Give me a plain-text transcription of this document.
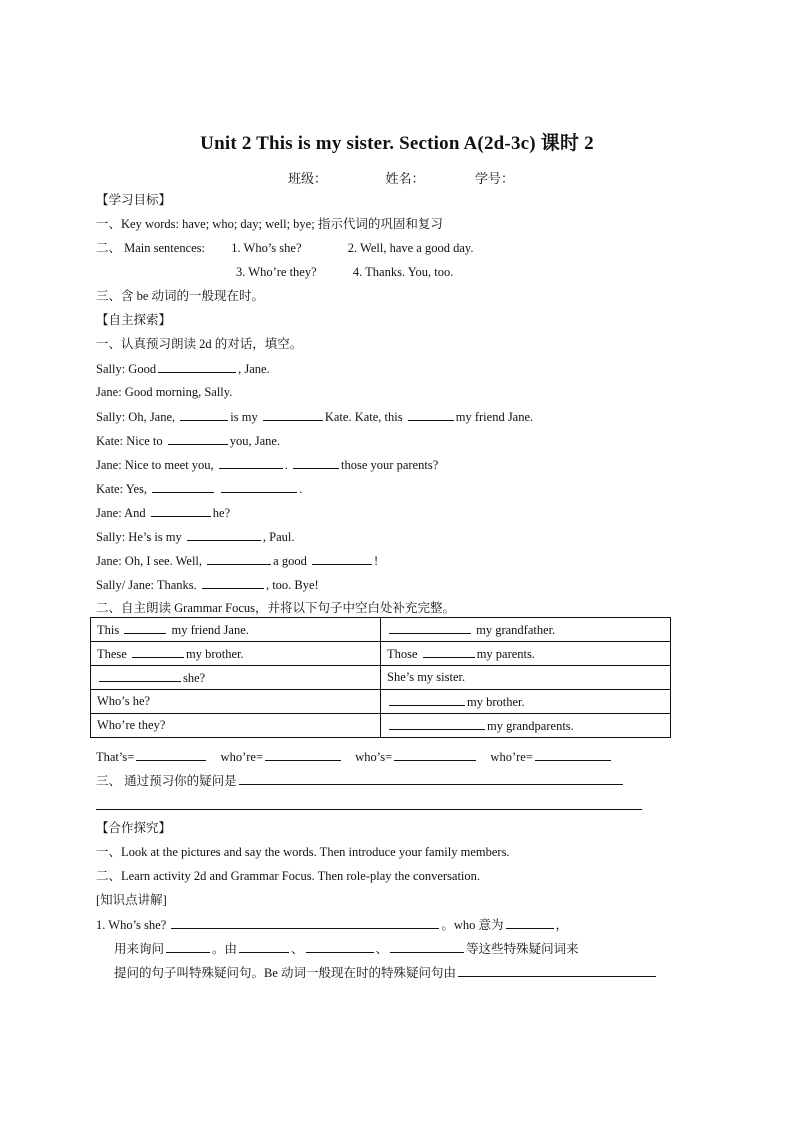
Unit 2 This is my sister. Section A(2d-3c) 课时 2
班级：	姓名：	学号：
【学习目标】
一、Key words: have; who; day; well; bye; 指示代词的巩固和复习
二、 Main sentences: 1. Who’s she?	2. Well, have a good day.
3. Who’re they?	4. Thanks. You, too.
三、含 be 动词的一般现在时。
【自主探索】
一、认真预习朗读 2d 的对话，填空。
Sally: Good	, Jane.
Jane: Good morning, Sally.
Sally: Oh, Jane,	is my	Kate. Kate, this	my friend Jane.
Kate: Nice to	you, Jane.
Jane: Nice to meet you,	.	those your parents?
Kate: Yes,	.
Jane: And	he?
Sally: He’s is my	, Paul.
Jane: Oh, I see. Well,	a good	!
Sally/ Jane: Thanks.	, too. Bye!
二、自主朗读 Grammar Focus，并将以下句子中空白处补充完整。
This my friend Jane.	my grandfather.
These my brother.	Those my parents.
she?	She’s my sister.
Who’s he?	my brother.
Who’re they?	my grandparents.
That’s=	who’re=	who’s=	who’re=
三、 通过预习你的疑问是
【合作探究】
一、Look at the pictures and say the words. Then introduce your family members.
二、Learn activity 2d and Grammar Focus. Then role-play the conversation.
[知识点讲解]
1. Who’s she?	。who 意为	，
用来询问	。由	、	、	等这些特殊疑问词来
提问的句子叫特殊疑问句。Be 动词一般现在时的特殊疑问句由
